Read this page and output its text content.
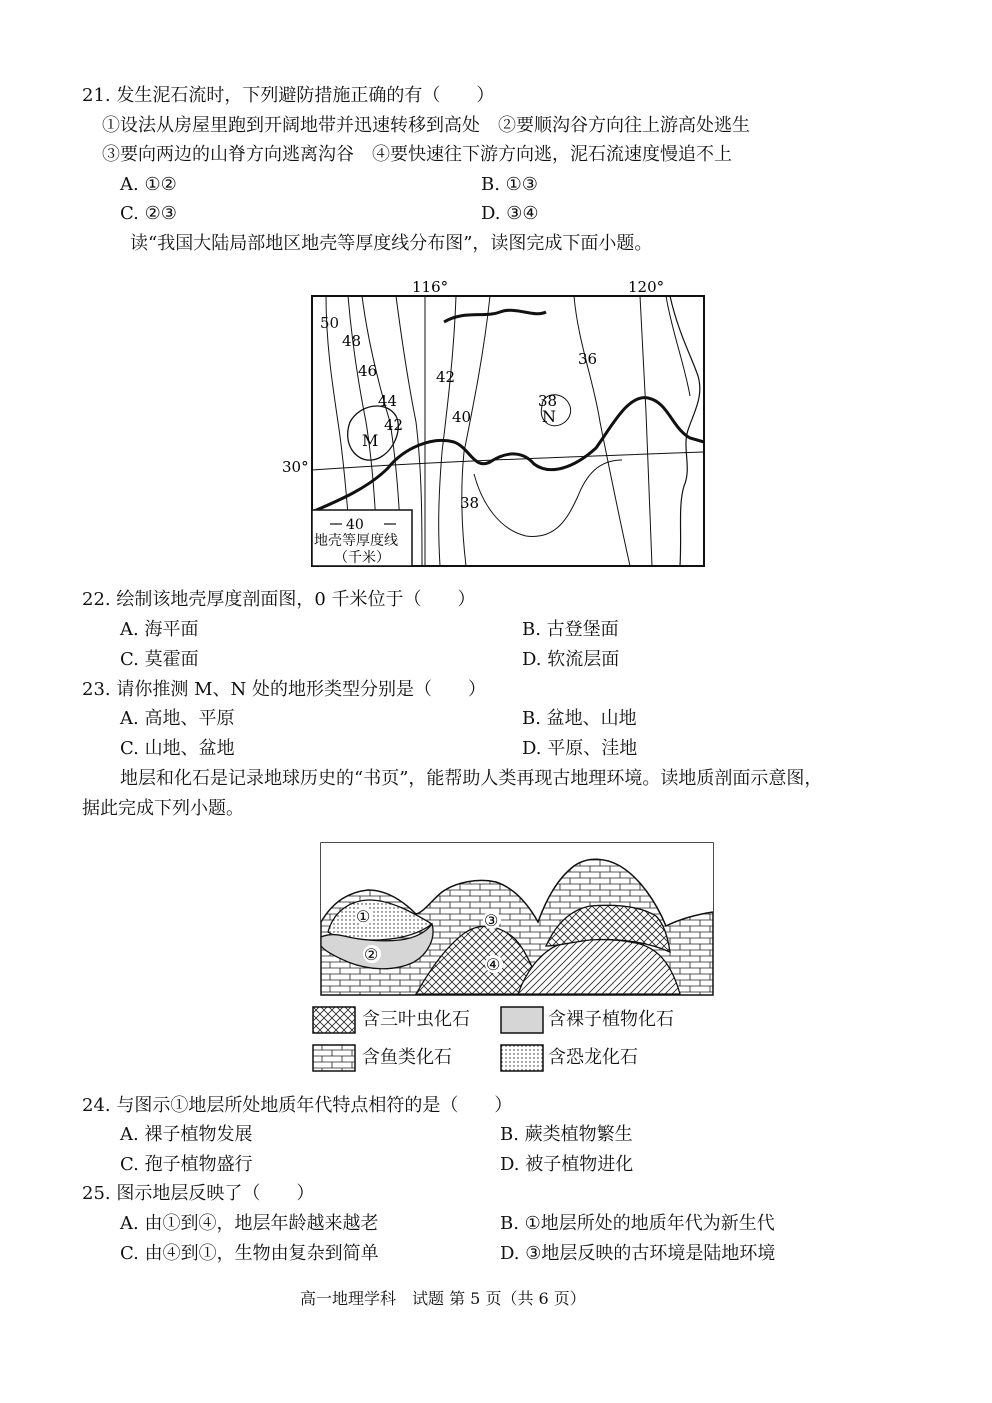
21. 发生泥石流时，下列避防措施正确的有（　　）
①设法从房屋里跑到开阔地带并迅速转移到高处　②要顺沟谷方向往上游高处逃生
③要向两边的山脊方向逃离沟谷　④要快速往下游方向逃，泥石流速度慢追不上
A. ①②	B. ①③
C. ②③	D. ③④
读“我国大陆局部地区地壳等厚度线分布图”，读图完成下面小题。
116°	120°
30°
50
48
46
44
42
42
40
36
38
38
M
N
40
地壳等厚度线
（千米）
22. 绘制该地壳厚度剖面图，0 千米位于（　　）
A. 海平面	B. 古登堡面
C. 莫霍面	D. 软流层面
23. 请你推测 M、N 处的地形类型分别是（　　）
A. 高地、平原	B. 盆地、山地
C. 山地、盆地	D. 平原、洼地
地层和化石是记录地球历史的“书页”，能帮助人类再现古地理环境。读地质剖面示意图，
据此完成下列小题。
①
②
③
④
含三叶虫化石	含裸子植物化石
含鱼类化石	含恐龙化石
24. 与图示①地层所处地质年代特点相符的是（　　）
A. 裸子植物发展	B. 蕨类植物繁生
C. 孢子植物盛行	D. 被子植物进化
25. 图示地层反映了（　　）
A. 由①到④，地层年龄越来越老	B. ①地层所处的地质年代为新生代
C. 由④到①，生物由复杂到简单	D. ③地层反映的古环境是陆地环境
高一地理学科　试题 第 5 页（共 6 页）
